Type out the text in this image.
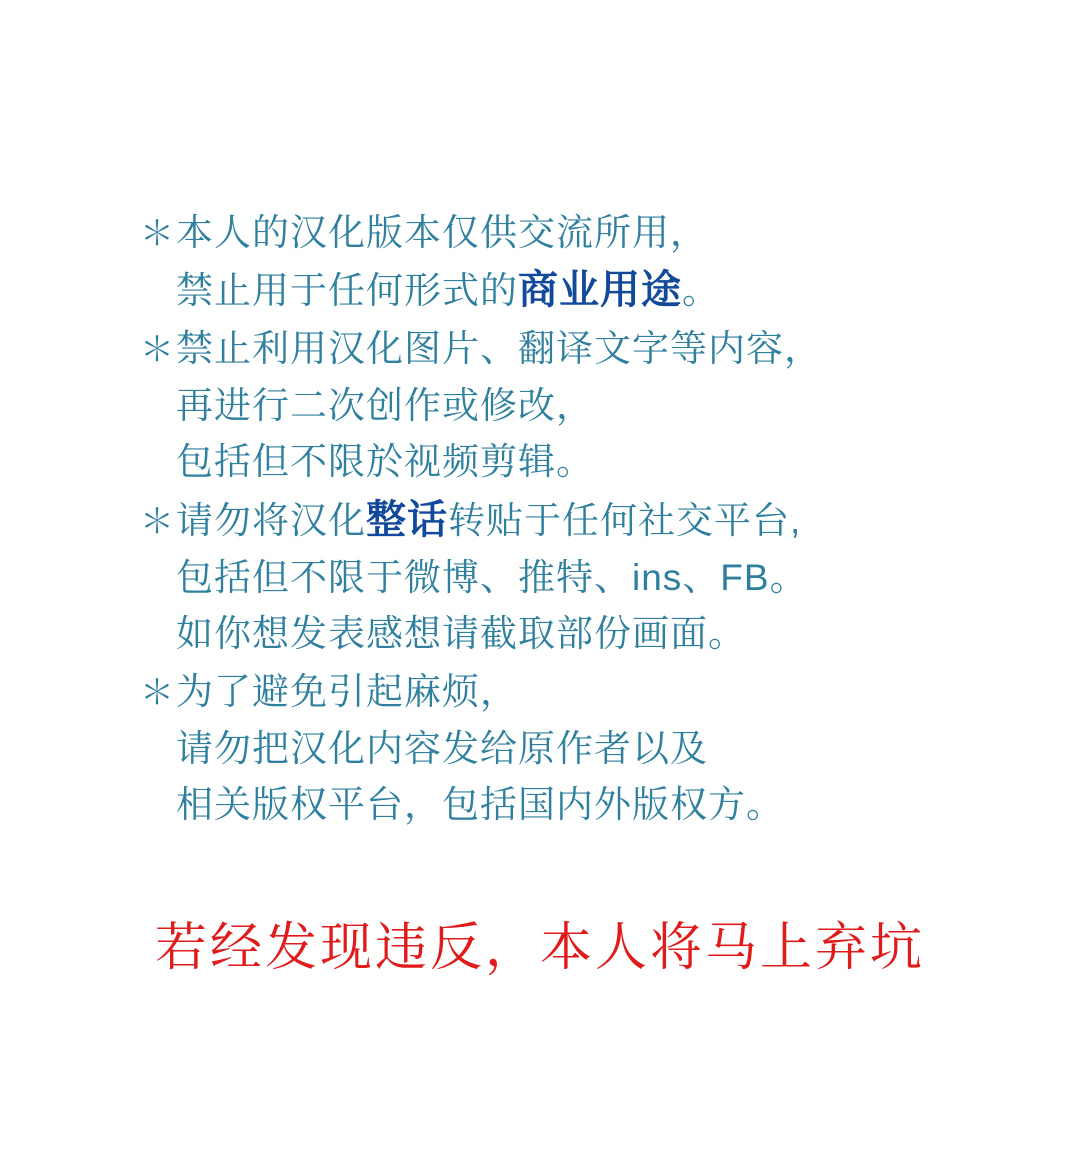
＊ 本人的汉化版本仅供交流所用，
禁止用于任何形式的商业用途。
＊ 禁止利用汉化图片、翻译文字等内容，
再进行二次创作或修改，
包括但不限於视频剪辑。
＊ 请勿将汉化整话转贴于任何社交平台,
包括但不限于微博、推特、ins、FB。
如你想发表感想请截取部份画面。
＊ 为了避免引起麻烦，
请勿把汉化内容发给原作者以及
相关版权平台，包括国内外版权方。
若经发现违反，本人将马上弃坑
